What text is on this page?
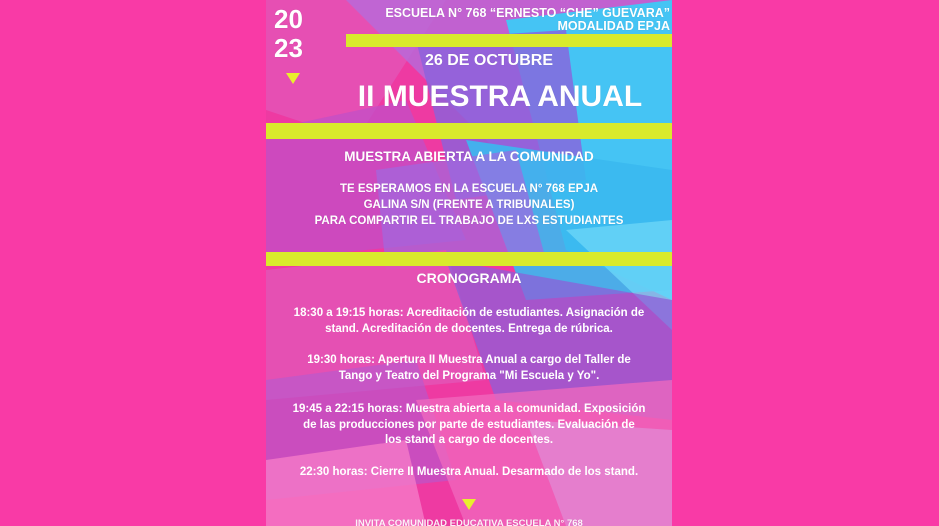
20
23
ESCUELA N° 768 “ERNESTO “CHE” GUEVARA”
MODALIDAD EPJA
26 DE OCTUBRE
II MUESTRA ANUAL
MUESTRA ABIERTA A LA COMUNIDAD
TE ESPERAMOS EN LA ESCUELA N° 768 EPJA
GALINA S/N (FRENTE A TRIBUNALES)
PARA COMPARTIR EL TRABAJO DE LXS ESTUDIANTES
CRONOGRAMA
18:30 a 19:15 horas: Acreditación de estudiantes. Asignación de
stand. Acreditación de docentes. Entrega de rúbrica.
19:30 horas: Apertura II Muestra Anual a cargo del Taller de
Tango y Teatro del Programa "Mi Escuela y Yo".
19:45 a 22:15 horas: Muestra abierta a la comunidad. Exposición
de las producciones por parte de estudiantes. Evaluación de
los stand a cargo de docentes.
22:30 horas: Cierre II Muestra Anual. Desarmado de los stand.
INVITA COMUNIDAD EDUCATIVA ESCUELA N° 768
